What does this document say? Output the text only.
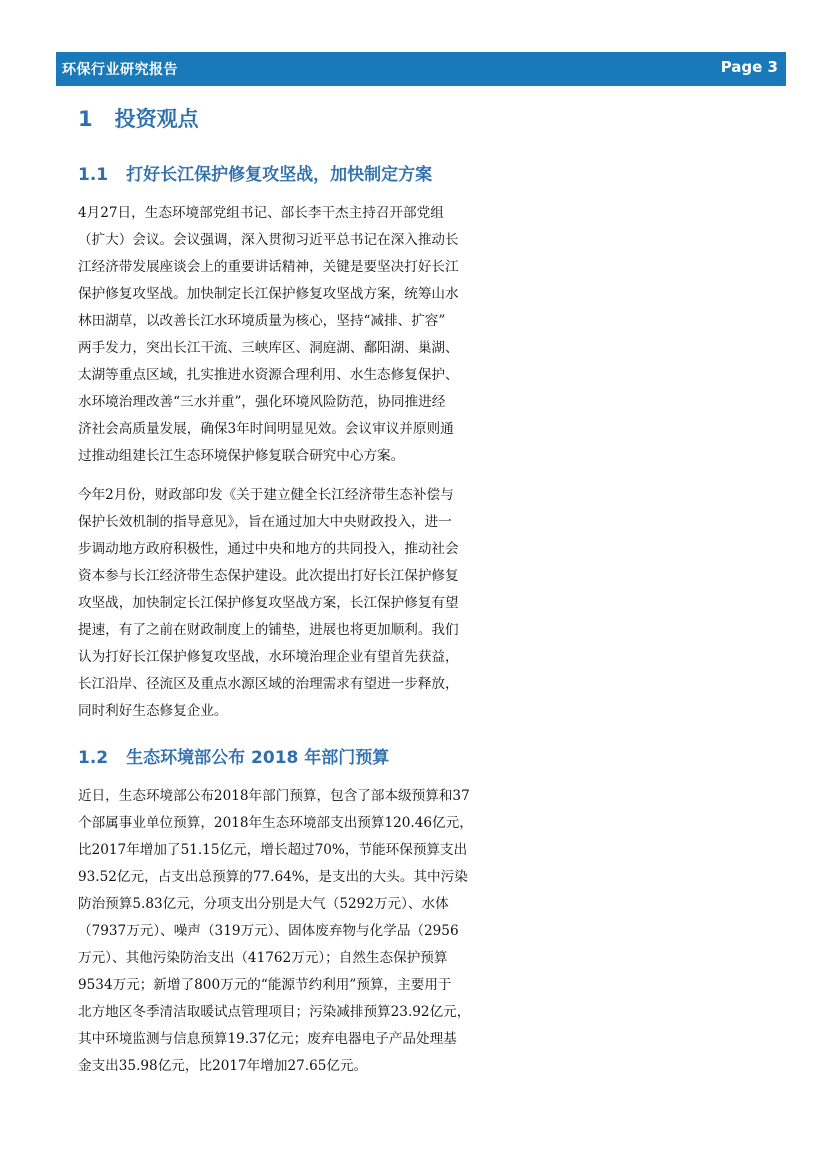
环保行业研究报告	Page 3
1 投资观点
1.1 打好长江保护修复攻坚战，加快制定方案

4月27日，生态环境部党组书记、部长李干杰主持召开部党组
（扩大）会议。会议强调，深入贯彻习近平总书记在深入推动长
江经济带发展座谈会上的重要讲话精神，关键是要坚决打好长江
保护修复攻坚战。加快制定长江保护修复攻坚战方案，统筹山水
林田湖草，以改善长江水环境质量为核心，坚持“减排、扩容”
两手发力，突出长江干流、三峡库区、洞庭湖、鄱阳湖、巢湖、
太湖等重点区域，扎实推进水资源合理利用、水生态修复保护、
水环境治理改善“三水并重”，强化环境风险防范，协同推进经
济社会高质量发展，确保3年时间明显见效。会议审议并原则通
过推动组建长江生态环境保护修复联合研究中心方案。

今年2月份，财政部印发《关于建立健全长江经济带生态补偿与
保护长效机制的指导意见》，旨在通过加大中央财政投入，进一
步调动地方政府积极性，通过中央和地方的共同投入，推动社会
资本参与长江经济带生态保护建设。此次提出打好长江保护修复
攻坚战，加快制定长江保护修复攻坚战方案，长江保护修复有望
提速，有了之前在财政制度上的铺垫，进展也将更加顺利。我们
认为打好长江保护修复攻坚战，水环境治理企业有望首先获益，
长江沿岸、径流区及重点水源区域的治理需求有望进一步释放，
同时利好生态修复企业。

1.2 生态环境部公布 2018 年部门预算

近日，生态环境部公布2018年部门预算，包含了部本级预算和37
个部属事业单位预算，2018年生态环境部支出预算120.46亿元，
比2017年增加了51.15亿元，增长超过70%，节能环保预算支出
93.52亿元，占支出总预算的77.64%，是支出的大头。其中污染
防治预算5.83亿元，分项支出分别是大气（5292万元）、水体
（7937万元）、噪声（319万元）、固体废弃物与化学品（2956
万元）、其他污染防治支出（41762万元）；自然生态保护预算
9534万元；新增了800万元的“能源节约利用”预算，主要用于
北方地区冬季清洁取暖试点管理项目；污染减排预算23.92亿元，
其中环境监测与信息预算19.37亿元；废弃电器电子产品处理基
金支出35.98亿元，比2017年增加27.65亿元。
